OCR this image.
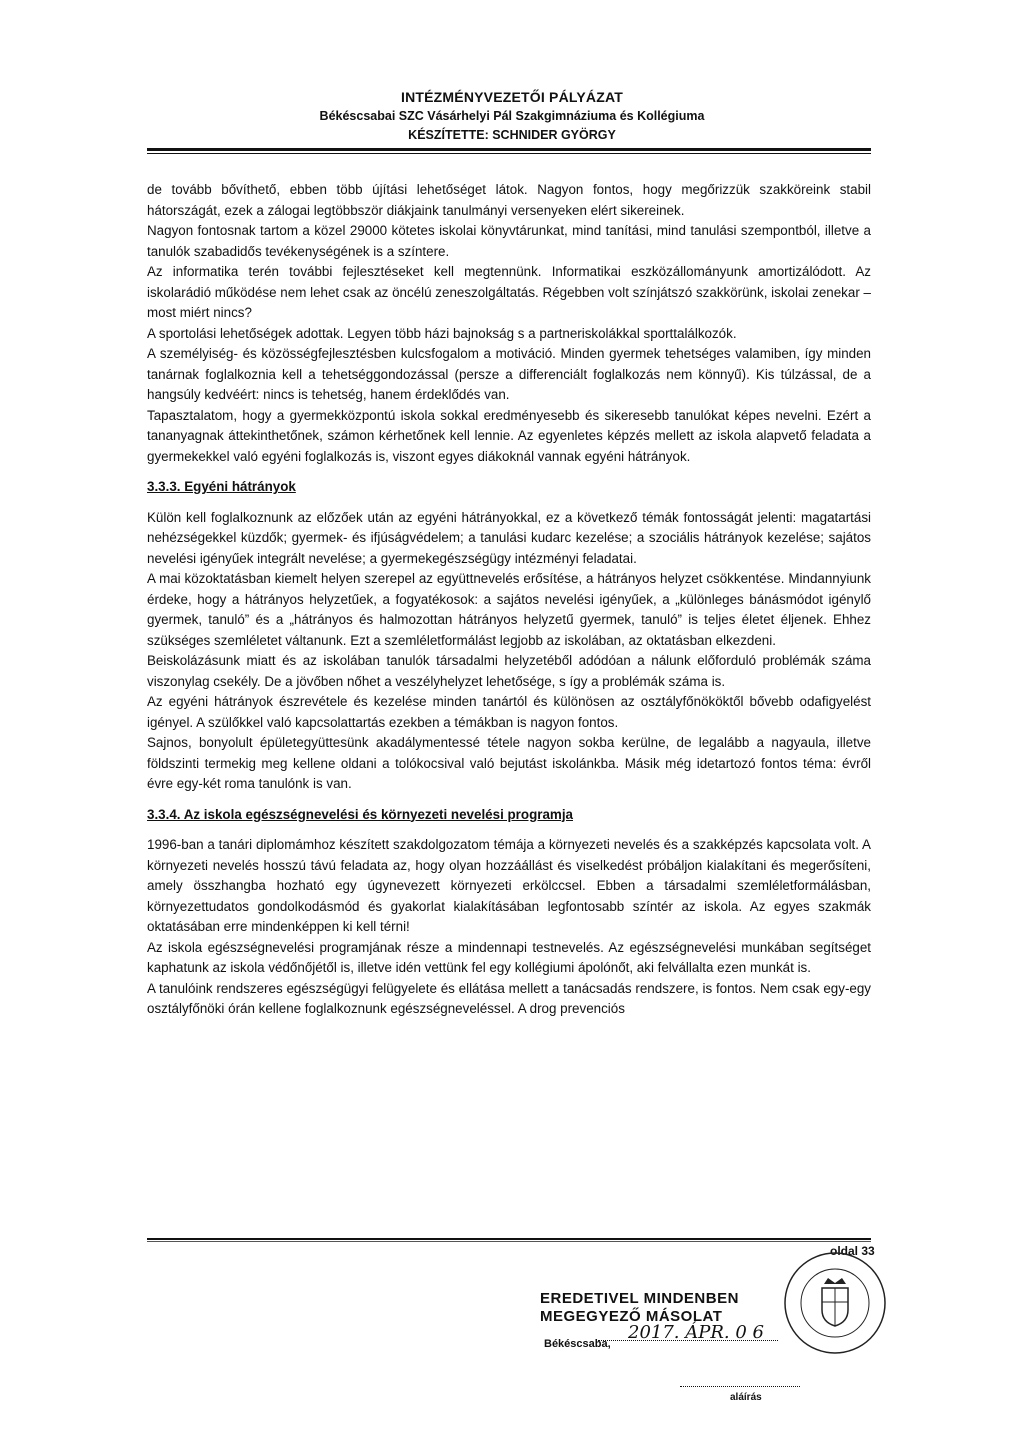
INTÉZMÉNYVEZETŐI PÁLYÁZAT
Békéscsabai SZC Vásárhelyi Pál Szakgimnáziuma és Kollégiuma
KÉSZÍTETTE: SCHNIDER GYÖRGY

de tovább bővíthető, ebben több újítási lehetőséget látok. Nagyon fontos, hogy megőrizzük szakköreink stabil hátországát, ezek a zálogai legtöbbször diákjaink tanulmányi versenyeken elért sikereinek.

Nagyon fontosnak tartom a közel 29000 kötetes iskolai könyvtárunkat, mind tanítási, mind tanulási szempontból, illetve a tanulók szabadidős tevékenységének is a színtere.

Az informatika terén további fejlesztéseket kell megtennünk. Informatikai eszközállományunk amortizálódott. Az iskolarádió működése nem lehet csak az öncélú zeneszolgáltatás. Régebben volt színjátszó szakkörünk, iskolai zenekar – most miért nincs?

A sportolási lehetőségek adottak. Legyen több házi bajnokság s a partneriskolákkal sporttalálkozók.

A személyiség- és közösségfejlesztésben kulcsfogalom a motiváció. Minden gyermek tehetséges valamiben, így minden tanárnak foglalkoznia kell a tehetséggondozással (persze a differenciált foglalkozás nem könnyű). Kis túlzással, de a hangsúly kedvéért: nincs is tehetség, hanem érdeklődés van.

Tapasztalatom, hogy a gyermekközpontú iskola sokkal eredményesebb és sikeresebb tanulókat képes nevelni. Ezért a tananyagnak áttekinthetőnek, számon kérhetőnek kell lennie. Az egyenletes képzés mellett az iskola alapvető feladata a gyermekekkel való egyéni foglalkozás is, viszont egyes diákoknál vannak egyéni hátrányok.

3.3.3. Egyéni hátrányok

Külön kell foglalkoznunk az előzőek után az egyéni hátrányokkal, ez a következő témák fontosságát jelenti: magatartási nehézségekkel küzdők; gyermek- és ifjúságvédelem; a tanulási kudarc kezelése; a szociális hátrányok kezelése; sajátos nevelési igényűek integrált nevelése; a gyermekegészségügy intézményi feladatai.

A mai közoktatásban kiemelt helyen szerepel az együttnevelés erősítése, a hátrányos helyzet csökkentése. Mindannyiunk érdeke, hogy a hátrányos helyzetűek, a fogyatékosok: a sajátos nevelési igényűek, a „különleges bánásmódot igénylő gyermek, tanuló” és a „hátrányos és halmozottan hátrányos helyzetű gyermek, tanuló” is teljes életet éljenek. Ehhez szükséges szemléletet váltanunk. Ezt a szemléletformálást legjobb az iskolában, az oktatásban elkezdeni.

Beiskolázásunk miatt és az iskolában tanulók társadalmi helyzetéből adódóan a nálunk előforduló problémák száma viszonylag csekély. De a jövőben nőhet a veszélyhelyzet lehetősége, s így a problémák száma is.

Az egyéni hátrányok észrevétele és kezelése minden tanártól és különösen az osztályfőnököktől bővebb odafigyelést igényel. A szülőkkel való kapcsolattartás ezekben a témákban is nagyon fontos.

Sajnos, bonyolult épületegyüttesünk akadálymentessé tétele nagyon sokba kerülne, de legalább a nagyaula, illetve földszinti termekig meg kellene oldani a tolókocsival való bejutást iskolánkba. Másik még idetartozó fontos téma: évről évre egy-két roma tanulónk is van.

3.3.4. Az iskola egészségnevelési és környezeti nevelési programja

1996-ban a tanári diplomámhoz készített szakdolgozatom témája a környezeti nevelés és a szakképzés kapcsolata volt. A környezeti nevelés hosszú távú feladata az, hogy olyan hozzáállást és viselkedést próbáljon kialakítani és megerősíteni, amely összhangba hozható egy úgynevezett környezeti erkölccsel. Ebben a társadalmi szemléletformálásban, környezettudatos gondolkodásmód és gyakorlat kialakításában legfontosabb színtér az iskola. Az egyes szakmák oktatásában erre mindenképpen ki kell térni!

Az iskola egészségnevelési programjának része a mindennapi testnevelés. Az egészségnevelési munkában segítséget kaphatunk az iskola védőnőjétől is, illetve idén vettünk fel egy kollégiumi ápolónőt, aki felvállalta ezen munkát is.

A tanulóink rendszeres egészségügyi felügyelete és ellátása mellett a tanácsadás rendszere, is fontos. Nem csak egy-egy osztályfőnöki órán kellene foglalkoznunk egészségneveléssel. A drog prevenciós

oldal 33
EREDETIVEL MINDENBEN
MEGEGYEZŐ MÁSOLAT
Békéscsaba,
2017. ÁPR. 0 6
aláírás
